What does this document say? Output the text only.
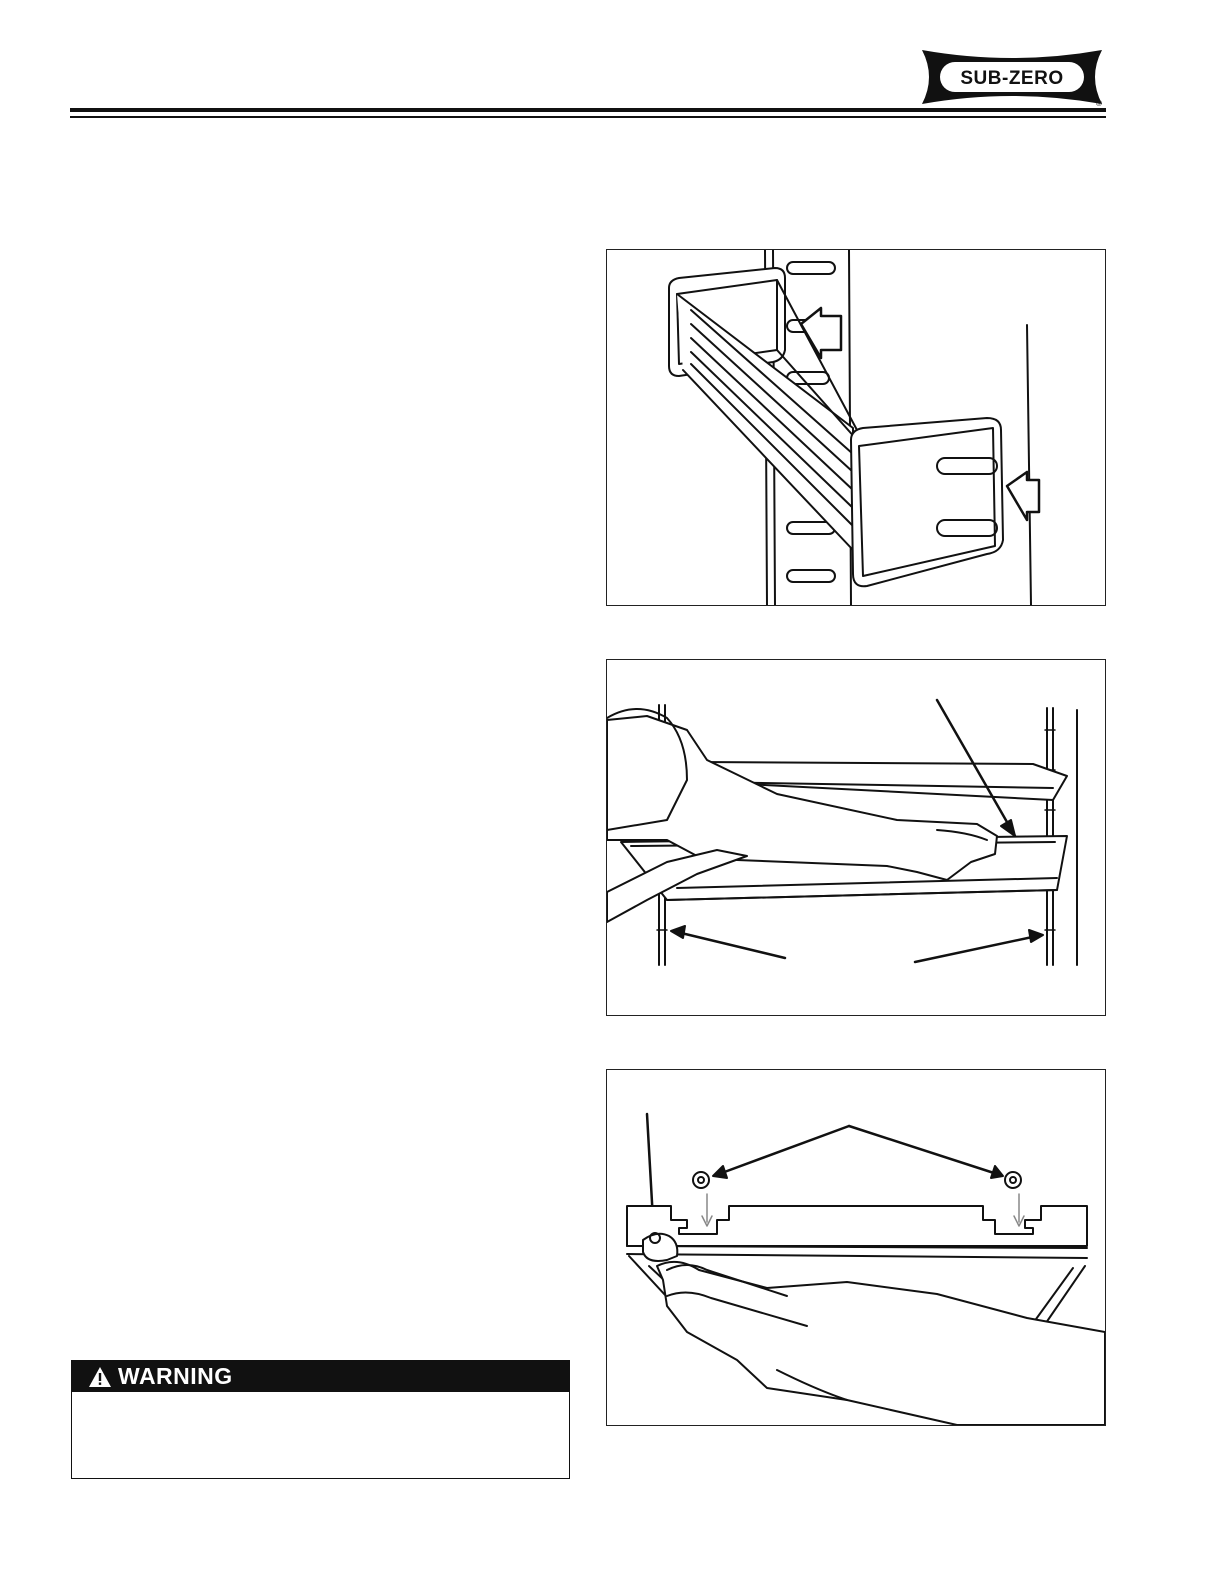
SUB-ZERO
®
WARNING
